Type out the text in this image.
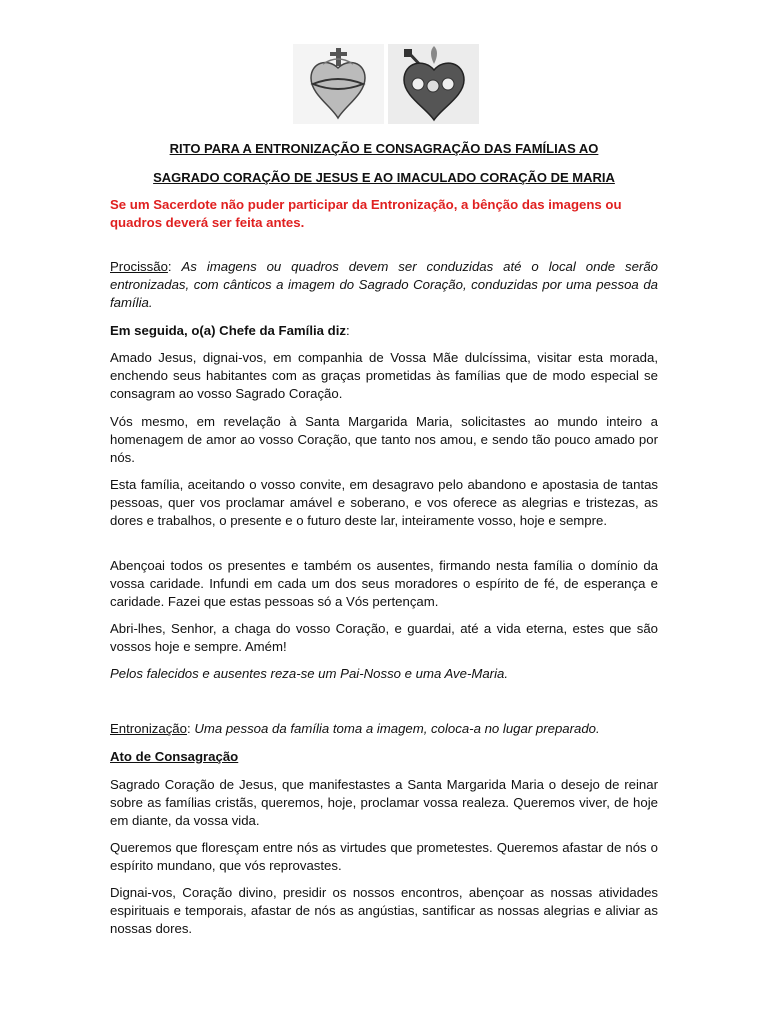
RITO PARA A ENTRONIZAÇÃO E CONSAGRAÇÃO DAS FAMÍLIAS AO
SAGRADO CORAÇÃO DE JESUS E AO IMACULADO CORAÇÃO DE MARIA
Se um Sacerdote não puder participar da Entronização, a bênção das imagens ou quadros deverá ser feita antes.

Procissão: As imagens ou quadros devem ser conduzidas até o local onde serão entronizadas, com cânticos a imagem do Sagrado Coração, conduzidas por uma pessoa da família.

Em seguida, o(a) Chefe da Família diz:

Amado Jesus, dignai-vos, em companhia de Vossa Mãe dulcíssima, visitar esta morada, enchendo seus habitantes com as graças prometidas às famílias que de modo especial se consagram ao vosso Sagrado Coração.
Vós mesmo, em revelação à Santa Margarida Maria, solicitastes ao mundo inteiro a homenagem de amor ao vosso Coração, que tanto nos amou, e sendo tão pouco amado por nós.
Esta família, aceitando o vosso convite, em desagravo pelo abandono e apostasia de tantas pessoas, quer vos proclamar amável e soberano, e vos oferece as alegrias e tristezas, as dores e trabalhos, o presente e o futuro deste lar, inteiramente vosso, hoje e sempre.
Abençoai todos os presentes e também os ausentes, firmando nesta família o domínio da vossa caridade. Infundi em cada um dos seus moradores o espírito de fé, de esperança e caridade. Fazei que estas pessoas só a Vós pertençam.
Abri-lhes, Senhor, a chaga do vosso Coração, e guardai, até a vida eterna, estes que são vossos hoje e sempre. Amém!
Pelos falecidos e ausentes reza-se um Pai-Nosso e uma Ave-Maria.

Entronização: Uma pessoa da família toma a imagem, coloca-a no lugar preparado.

Ato de Consagração
Sagrado Coração de Jesus, que manifestastes a Santa Margarida Maria o desejo de reinar sobre as famílias cristãs, queremos, hoje, proclamar vossa realeza. Queremos viver, de hoje em diante, da vossa vida.
Queremos que floresçam entre nós as virtudes que prometestes. Queremos afastar de nós o espírito mundano, que vós reprovastes.
Dignai-vos, Coração divino, presidir os nossos encontros, abençoar as nossas atividades espirituais e temporais, afastar de nós as angústias, santificar as nossas alegrias e aliviar as nossas dores.
